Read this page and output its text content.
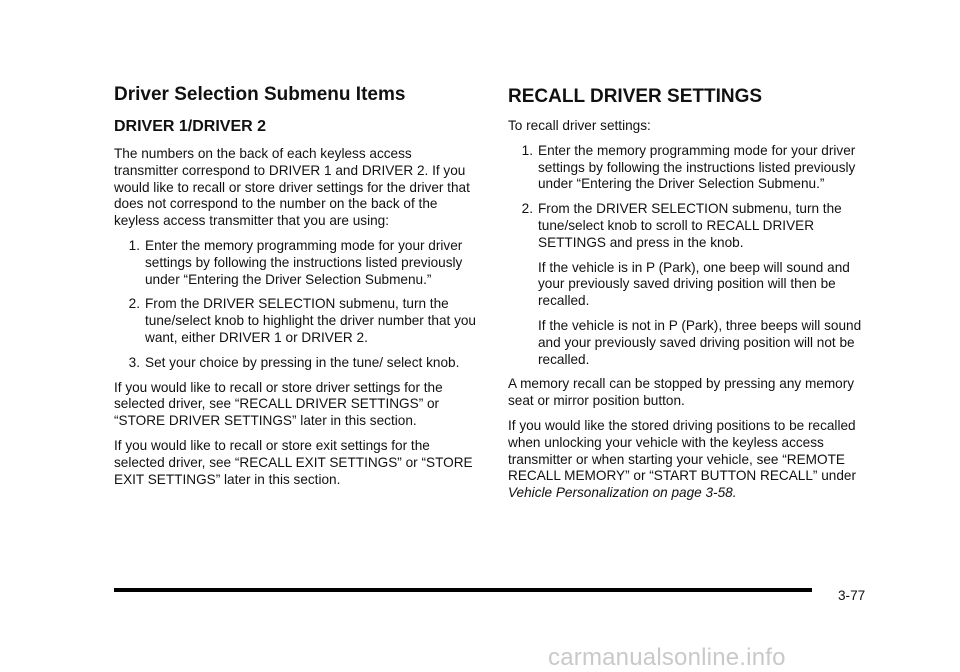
Driver Selection Submenu Items
DRIVER 1/DRIVER 2

The numbers on the back of each keyless access transmitter correspond to DRIVER 1 and DRIVER 2. If you would like to recall or store driver settings for the driver that does not correspond to the number on the back of the keyless access transmitter that you are using:

1. Enter the memory programming mode for your driver settings by following the instructions listed previously under “Entering the Driver Selection Submenu.”
2. From the DRIVER SELECTION submenu, turn the tune/select knob to highlight the driver number that you want, either DRIVER 1 or DRIVER 2.
3. Set your choice by pressing in the tune/ select knob.

If you would like to recall or store driver settings for the selected driver, see “RECALL DRIVER SETTINGS” or “STORE DRIVER SETTINGS” later in this section.

If you would like to recall or store exit settings for the selected driver, see “RECALL EXIT SETTINGS” or “STORE EXIT SETTINGS” later in this section.

RECALL DRIVER SETTINGS

To recall driver settings:

1. Enter the memory programming mode for your driver settings by following the instructions listed previously under “Entering the Driver Selection Submenu.”
2. From the DRIVER SELECTION submenu, turn the tune/select knob to scroll to RECALL DRIVER SETTINGS and press in the knob.
If the vehicle is in P (Park), one beep will sound and your previously saved driving position will then be recalled.
If the vehicle is not in P (Park), three beeps will sound and your previously saved driving position will not be recalled.

A memory recall can be stopped by pressing any memory seat or mirror position button.

If you would like the stored driving positions to be recalled when unlocking your vehicle with the keyless access transmitter or when starting your vehicle, see “REMOTE RECALL MEMORY” or “START BUTTON RECALL” under Vehicle Personalization on page 3-58.

3-77
carmanualsonline.info
